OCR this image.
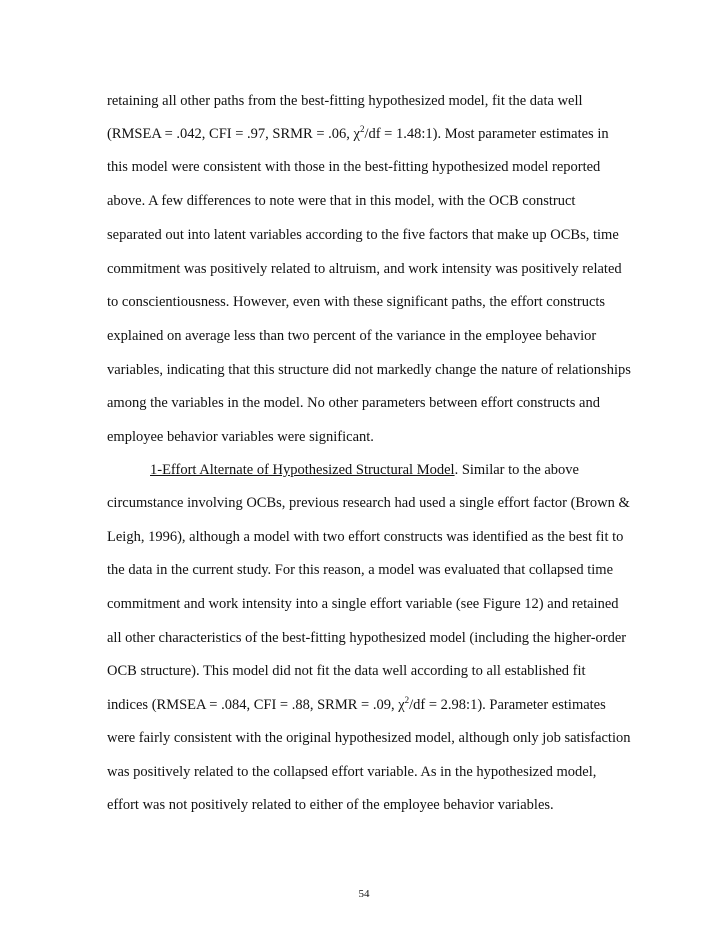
retaining all other paths from the best-fitting hypothesized model, fit the data well
(RMSEA = .042, CFI = .97, SRMR = .06, $\chi^2/df$ = 1.48:1). Most parameter estimates in
this model were consistent with those in the best-fitting hypothesized model reported
above. A few differences to note were that in this model, with the OCB construct
separated out into latent variables according to the five factors that make up OCBs, time
commitment was positively related to altruism, and work intensity was positively related
to conscientiousness. However, even with these significant paths, the effort constructs
explained on average less than two percent of the variance in the employee behavior
variables, indicating that this structure did not markedly change the nature of relationships
among the variables in the model. No other parameters between effort constructs and
employee behavior variables were significant.
1-Effort Alternate of Hypothesized Structural Model. Similar to the above
circumstance involving OCBs, previous research had used a single effort factor (Brown &
Leigh, 1996), although a model with two effort constructs was identified as the best fit to
the data in the current study. For this reason, a model was evaluated that collapsed time
commitment and work intensity into a single effort variable (see Figure 12) and retained
all other characteristics of the best-fitting hypothesized model (including the higher-order
OCB structure). This model did not fit the data well according to all established fit
indices (RMSEA = .084, CFI = .88, SRMR = .09, $\chi^2/df$ = 2.98:1). Parameter estimates
were fairly consistent with the original hypothesized model, although only job satisfaction
was positively related to the collapsed effort variable. As in the hypothesized model,
effort was not positively related to either of the employee behavior variables.
54
